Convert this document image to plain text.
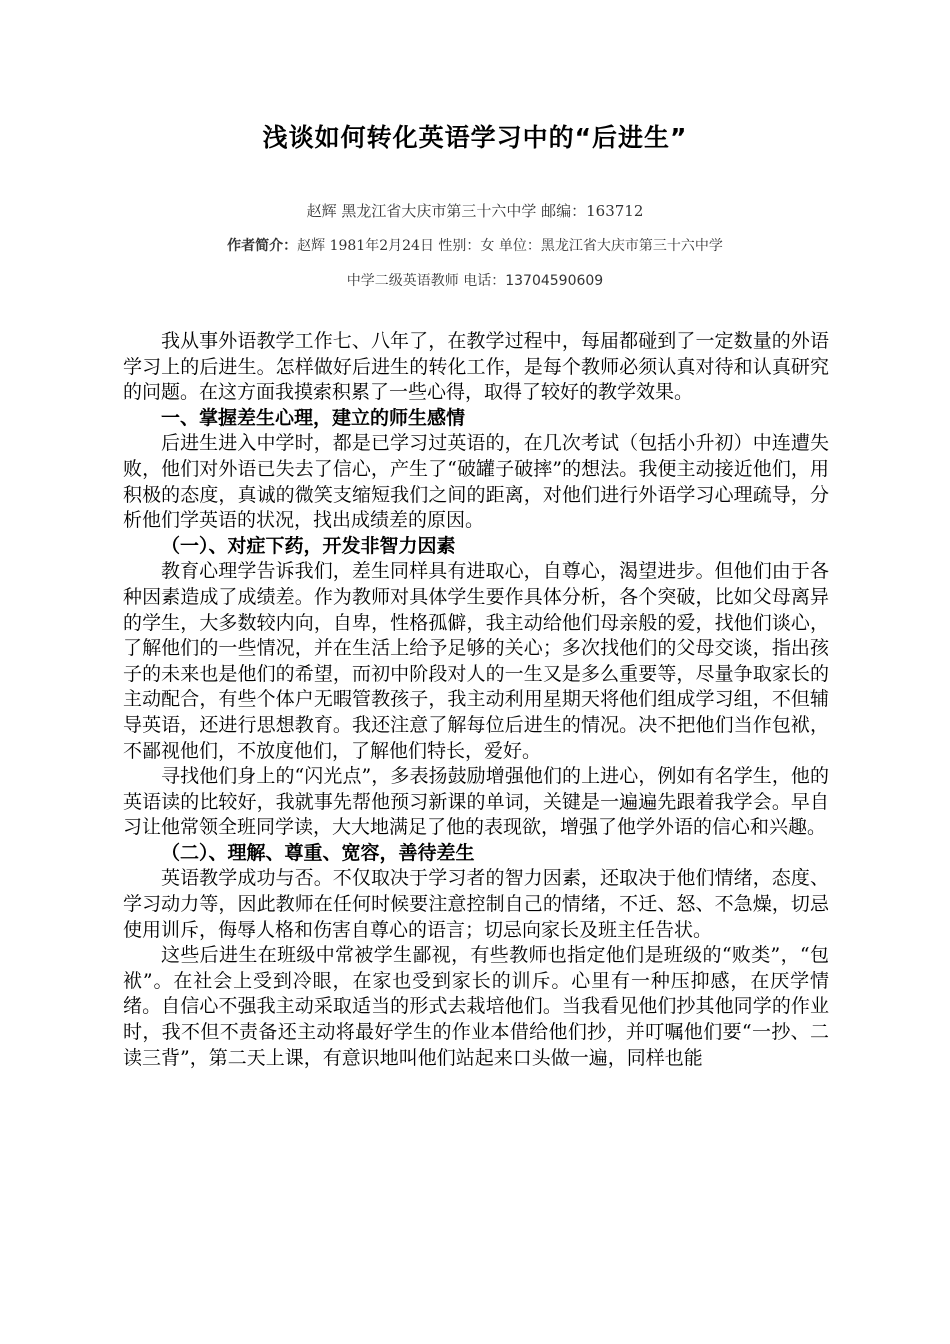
浅谈如何转化英语学习中的“后进生”
赵辉 黑龙江省大庆市第三十六中学 邮编：163712
作者简介：赵辉 1981年2月24日 性别：女 单位：黑龙江省大庆市第三十六中学
中学二级英语教师 电话：13704590609

我从事外语教学工作七、八年了，在教学过程中，每届都碰到了一定数量的外语学习上的后进生。怎样做好后进生的转化工作，是每个教师必须认真对待和认真研究的问题。在这方面我摸索积累了一些心得，取得了较好的教学效果。

一、掌握差生心理，建立的师生感情

后进生进入中学时，都是已学习过英语的，在几次考试（包括小升初）中连遭失败，他们对外语已失去了信心，产生了“破罐子破摔”的想法。我便主动接近他们，用积极的态度，真诚的微笑支缩短我们之间的距离，对他们进行外语学习心理疏导，分析他们学英语的状况，找出成绩差的原因。

（一）、对症下药，开发非智力因素

教育心理学告诉我们，差生同样具有进取心，自尊心，渴望进步。但他们由于各种因素造成了成绩差。作为教师对具体学生要作具体分析，各个突破，比如父母离异的学生，大多数较内向，自卑，性格孤僻，我主动给他们母亲般的爱，找他们谈心，了解他们的一些情况，并在生活上给予足够的关心；多次找他们的父母交谈，指出孩子的未来也是他们的希望，而初中阶段对人的一生又是多么重要等，尽量争取家长的主动配合，有些个体户无暇管教孩子，我主动利用星期天将他们组成学习组，不但辅导英语，还进行思想教育。我还注意了解每位后进生的情况。决不把他们当作包袱，不鄙视他们，不放度他们，了解他们特长，爱好。

寻找他们身上的“闪光点”，多表扬鼓励增强他们的上进心，例如有名学生，他的英语读的比较好，我就事先帮他预习新课的单词，关键是一遍遍先跟着我学会。早自习让他常领全班同学读，大大地满足了他的表现欲，增强了他学外语的信心和兴趣。

（二）、理解、尊重、宽容，善待差生

英语教学成功与否。不仅取决于学习者的智力因素，还取决于他们情绪，态度、学习动力等，因此教师在任何时候要注意控制自己的情绪，不迁、怒、不急燥，切忌使用训斥，侮辱人格和伤害自尊心的语言；切忌向家长及班主任告状。

这些后进生在班级中常被学生鄙视，有些教师也指定他们是班级的“败类”，“包袱”。在社会上受到冷眼，在家也受到家长的训斥。心里有一种压抑感，在厌学情绪。自信心不强我主动采取适当的形式去栽培他们。当我看见他们抄其他同学的作业时，我不但不责备还主动将最好学生的作业本借给他们抄，并叮嘱他们要“一抄、二读三背”，第二天上课，有意识地叫他们站起来口头做一遍，同样也能
